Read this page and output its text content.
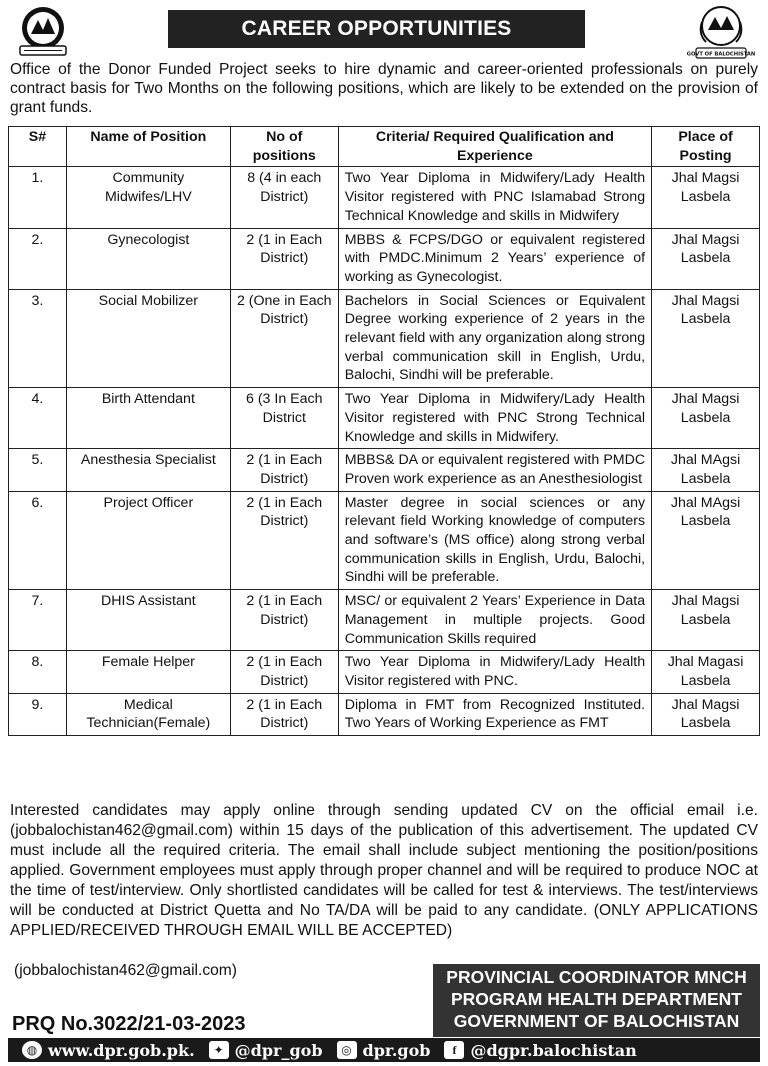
CAREER OPPORTUNITIES
GOVT OF BALOCHISTAN

Office of the Donor Funded Project seeks to hire dynamic and career-oriented professionals on purely contract basis for Two Months on the following positions, which are likely to be extended on the provision of grant funds.

S#	Name of Position	No of positions	Criteria/ Required Qualification and Experience	Place of Posting
1.	Community Midwifes/LHV	8 (4 in each District)	Two Year Diploma in Midwifery/Lady Health Visitor registered with PNC Islamabad Strong Technical Knowledge and skills in Midwifery	Jhal Magsi Lasbela
2.	Gynecologist	2 (1 in Each District)	MBBS & FCPS/DGO or equivalent registered with PMDC.Minimum 2 Years’ experience of working as Gynecologist.	Jhal Magsi Lasbela
3.	Social Mobilizer	2 (One in Each District)	Bachelors in Social Sciences or Equivalent Degree working experience of 2 years in the relevant field with any organization along strong verbal communication skill in English, Urdu, Balochi, Sindhi will be preferable.	Jhal Magsi Lasbela
4.	Birth Attendant	6 (3 In Each District	Two Year Diploma in Midwifery/Lady Health Visitor registered with PNC Strong Technical Knowledge and skills in Midwifery.	Jhal Magsi Lasbela
5.	Anesthesia Specialist	2 (1 in Each District)	MBBS& DA or equivalent registered with PMDC Proven work experience as an Anesthesiologist	Jhal MAgsi Lasbela
6.	Project Officer	2 (1 in Each District)	Master degree in social sciences or any relevant field Working knowledge of computers and software’s (MS office) along strong verbal communication skills in English, Urdu, Balochi, Sindhi will be preferable.	Jhal MAgsi Lasbela
7.	DHIS Assistant	2 (1 in Each District)	MSC/ or equivalent 2 Years’ Experience in Data Management in multiple projects. Good Communication Skills required	Jhal Magsi Lasbela
8.	Female Helper	2 (1 in Each District)	Two Year Diploma in Midwifery/Lady Health Visitor registered with PNC.	Jhal Magasi Lasbela
9.	Medical Technician(Female)	2 (1 in Each District)	Diploma in FMT from Recognized Instituted. Two Years of Working Experience as FMT	Jhal Magsi Lasbela

Interested candidates may apply online through sending updated CV on the official email i.e. (jobbalochistan462@gmail.com) within 15 days of the publication of this advertisement. The updated CV must include all the required criteria. The email shall include subject mentioning the position/positions applied. Government employees must apply through proper channel and will be required to produce NOC at the time of test/interview. Only shortlisted candidates will be called for test & interviews. The test/interviews will be conducted at District Quetta and No TA/DA will be paid to any candidate. (ONLY APPLICATIONS APPLIED/RECEIVED THROUGH EMAIL WILL BE ACCEPTED)

(jobbalochistan462@gmail.com)
PRQ No.3022/21-03-2023
PROVINCIAL COORDINATOR MNCH
PROGRAM HEALTH DEPARTMENT
GOVERNMENT OF BALOCHISTAN
◍ www.dpr.gob.pk.	✦ @dpr_gob	◎ dpr.gob	f @dgpr.balochistan
